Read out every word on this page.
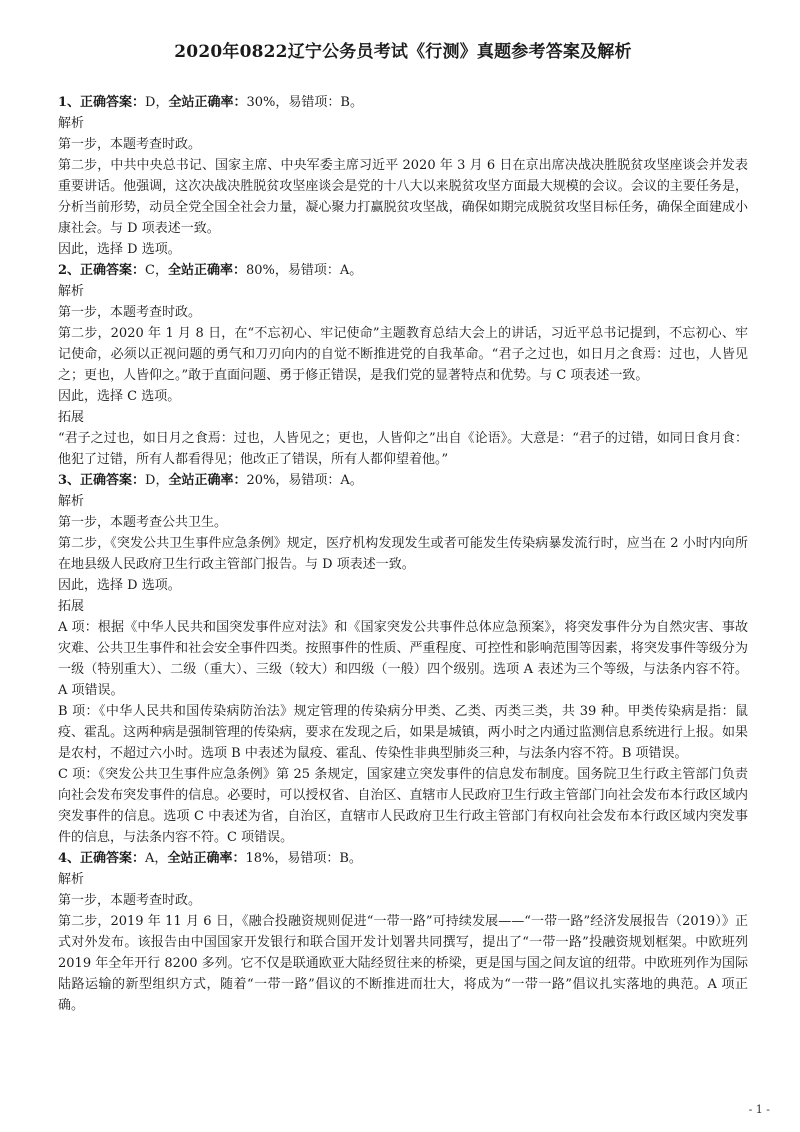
2020年0822辽宁公务员考试《行测》真题参考答案及解析
1、正确答案：D，全站正确率：30%，易错项：B。
解析
第一步，本题考查时政。
第二步，中共中央总书记、国家主席、中央军委主席习近平 2020 年 3 月 6 日在京出席决战决胜脱贫攻坚座谈会并发表重要讲话。他强调，这次决战决胜脱贫攻坚座谈会是党的十八大以来脱贫攻坚方面最大规模的会议。会议的主要任务是，分析当前形势，动员全党全国全社会力量，凝心聚力打赢脱贫攻坚战，确保如期完成脱贫攻坚目标任务，确保全面建成小康社会。与 D 项表述一致。
因此，选择 D 选项。
2、正确答案：C，全站正确率：80%，易错项：A。
解析
第一步，本题考查时政。
第二步，2020 年 1 月 8 日，在“不忘初心、牢记使命”主题教育总结大会上的讲话，习近平总书记提到，不忘初心、牢记使命，必须以正视问题的勇气和刀刃向内的自觉不断推进党的自我革命。“君子之过也，如日月之食焉：过也，人皆见之；更也，人皆仰之。”敢于直面问题、勇于修正错误，是我们党的显著特点和优势。与 C 项表述一致。
因此，选择 C 选项。
拓展
“君子之过也，如日月之食焉：过也，人皆见之；更也，人皆仰之”出自《论语》。大意是：“君子的过错，如同日食月食：他犯了过错，所有人都看得见；他改正了错误，所有人都仰望着他。”
3、正确答案：D，全站正确率：20%，易错项：A。
解析
第一步，本题考查公共卫生。
第二步，《突发公共卫生事件应急条例》规定，医疗机构发现发生或者可能发生传染病暴发流行时，应当在 2 小时内向所在地县级人民政府卫生行政主管部门报告。与 D 项表述一致。
因此，选择 D 选项。
拓展
A 项：根据《中华人民共和国突发事件应对法》和《国家突发公共事件总体应急预案》，将突发事件分为自然灾害、事故灾难、公共卫生事件和社会安全事件四类。按照事件的性质、严重程度、可控性和影响范围等因素，将突发事件等级分为一级（特别重大）、二级（重大）、三级（较大）和四级（一般）四个级别。选项 A 表述为三个等级，与法条内容不符。A 项错误。
B 项：《中华人民共和国传染病防治法》规定管理的传染病分甲类、乙类、丙类三类，共 39 种。甲类传染病是指：鼠疫、霍乱。这两种病是强制管理的传染病，要求在发现之后，如果是城镇，两小时之内通过监测信息系统进行上报。如果是农村，不超过六小时。选项 B 中表述为鼠疫、霍乱、传染性非典型肺炎三种，与法条内容不符。B 项错误。
C 项：《突发公共卫生事件应急条例》第 25 条规定，国家建立突发事件的信息发布制度。国务院卫生行政主管部门负责向社会发布突发事件的信息。必要时，可以授权省、自治区、直辖市人民政府卫生行政主管部门向社会发布本行政区域内突发事件的信息。选项 C 中表述为省，自治区，直辖市人民政府卫生行政主管部门有权向社会发布本行政区域内突发事件的信息，与法条内容不符。C 项错误。
4、正确答案：A，全站正确率：18%，易错项：B。
解析
第一步，本题考查时政。
第二步，2019 年 11 月 6 日，《融合投融资规则促进“一带一路”可持续发展——“一带一路”经济发展报告（2019）》正式对外发布。该报告由中国国家开发银行和联合国开发计划署共同撰写，提出了“一带一路”投融资规划框架。中欧班列 2019 年全年开行 8200 多列。它不仅是联通欧亚大陆经贸往来的桥梁，更是国与国之间友谊的纽带。中欧班列作为国际陆路运输的新型组织方式，随着“一带一路”倡议的不断推进而壮大，将成为“一带一路”倡议扎实落地的典范。A 项正确。
- 1 -
